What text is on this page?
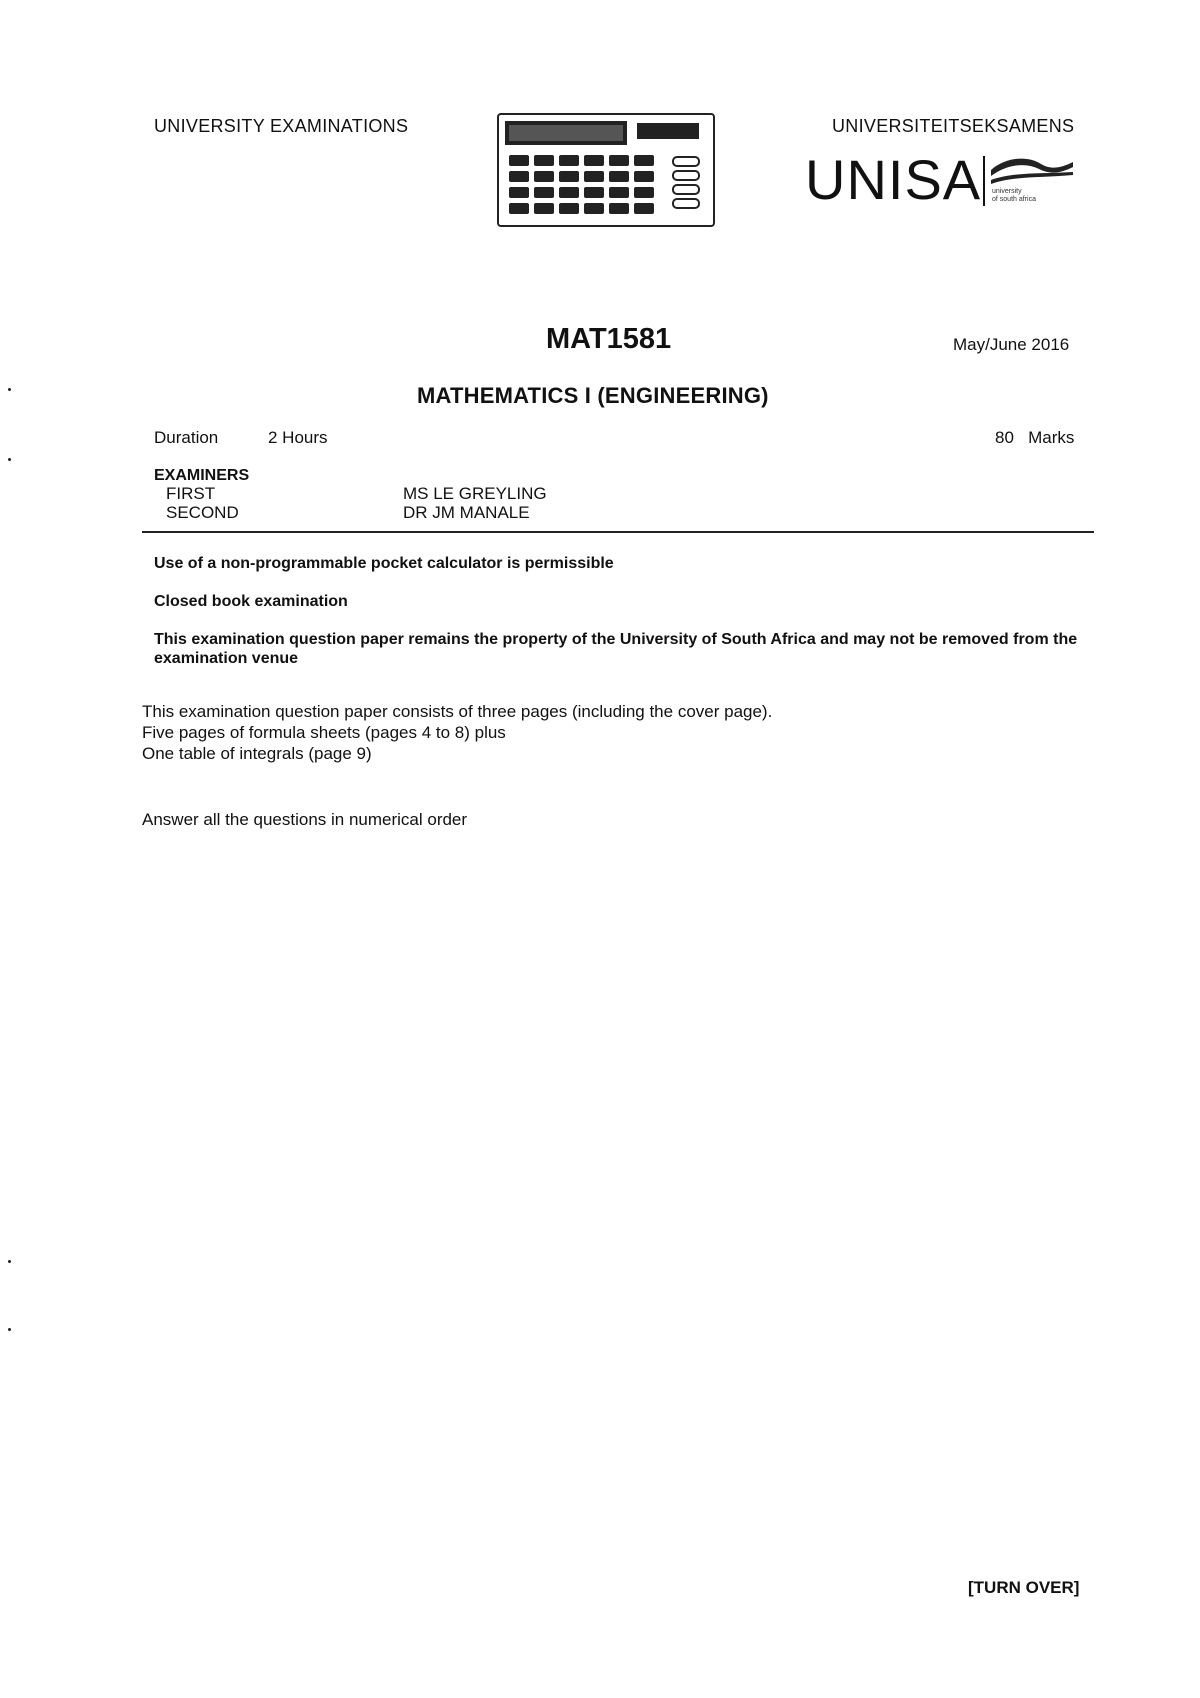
UNIVERSITY EXAMINATIONS	UNIVERSITEITSEKSAMENS
UNISA university
of south africa
MAT1581	May/June 2016
MATHEMATICS I (ENGINEERING)
Duration	2 Hours	80   Marks
EXAMINERS
FIRST	MS LE GREYLING
SECOND	DR JM MANALE
Use of a non-programmable pocket calculator is permissible
Closed book examination
This examination question paper remains the property of the University of South Africa and may not be removed from the examination venue
This examination question paper consists of three pages (including the cover page).
Five pages of formula sheets (pages 4 to 8) plus
One table of integrals (page 9)
Answer all the questions in numerical order
[TURN OVER]
